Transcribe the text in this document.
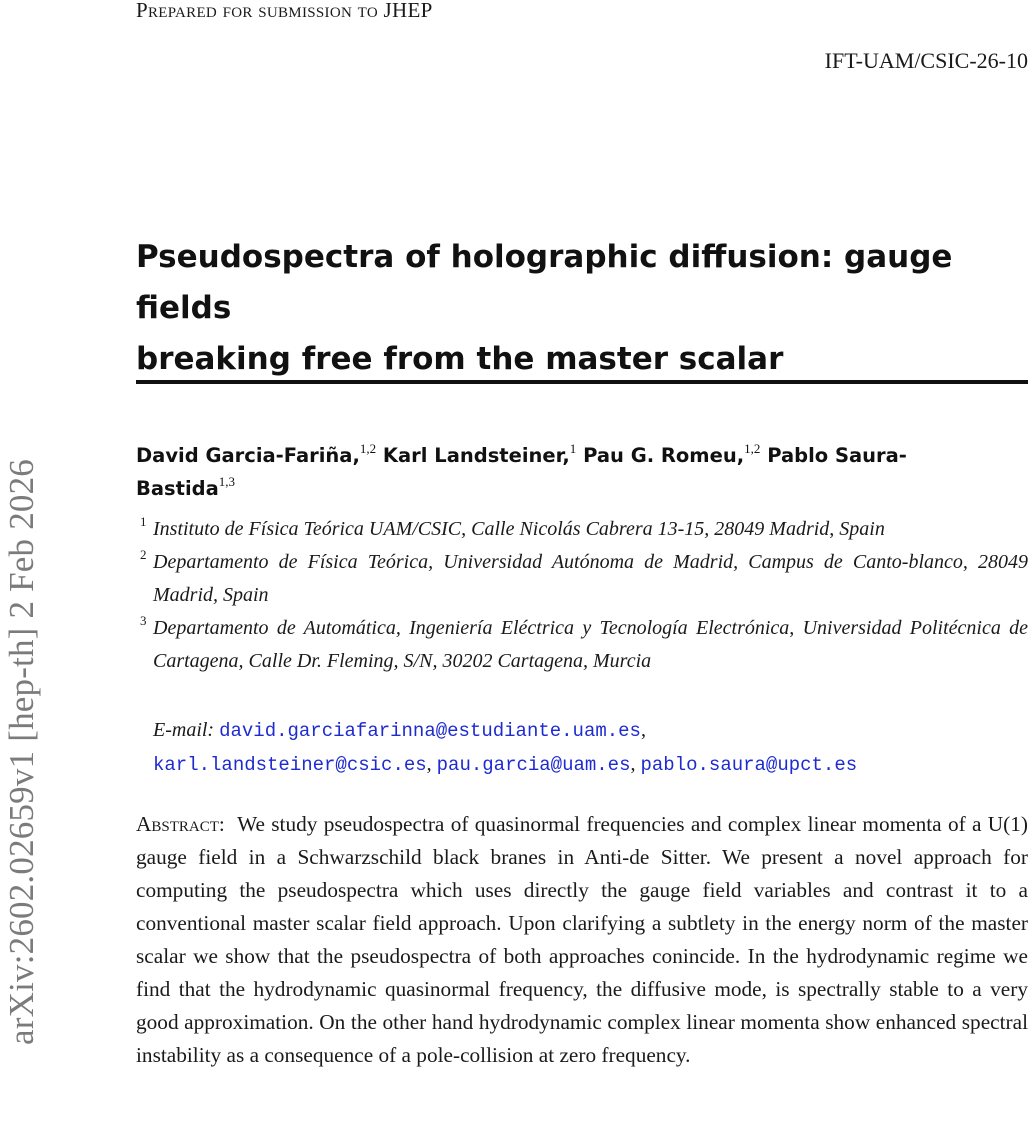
Prepared for submission to JHEP
IFT-UAM/CSIC-26-10
arXiv:2602.02659v1 [hep-th] 2 Feb 2026
Pseudospectra of holographic diffusion: gauge fields
breaking free from the master scalar
David Garcia-Fariña,$^{1,2}$ Karl Landsteiner,$^1$ Pau G. Romeu,$^{1,2}$ Pablo Saura-Bastida$^{1,3}$
1 Instituto de Física Teórica UAM/CSIC, Calle Nicolás Cabrera 13-15, 28049 Madrid, Spain
2 Departamento de Física Teórica, Universidad Autónoma de Madrid, Campus de Canto-blanco, 28049 Madrid, Spain
3 Departamento de Automática, Ingeniería Eléctrica y Tecnología Electrónica, Universidad Politécnica de Cartagena, Calle Dr. Fleming, S/N, 30202 Cartagena, Murcia
E-mail: david.garciafarinna@estudiante.uam.es,
karl.landsteiner@csic.es, pau.garcia@uam.es, pablo.saura@upct.es
Abstract: We study pseudospectra of quasinormal frequencies and complex linear momenta of a U(1) gauge field in a Schwarzschild black branes in Anti-de Sitter. We present a novel approach for computing the pseudospectra which uses directly the gauge field variables and contrast it to a conventional master scalar field approach. Upon clarifying a subtlety in the energy norm of the master scalar we show that the pseudospectra of both approaches conincide. In the hydrodynamic regime we find that the hydrodynamic quasinormal frequency, the diffusive mode, is spectrally stable to a very good approximation. On the other hand hydrodynamic complex linear momenta show enhanced spectral instability as a consequence of a pole-collision at zero frequency.
